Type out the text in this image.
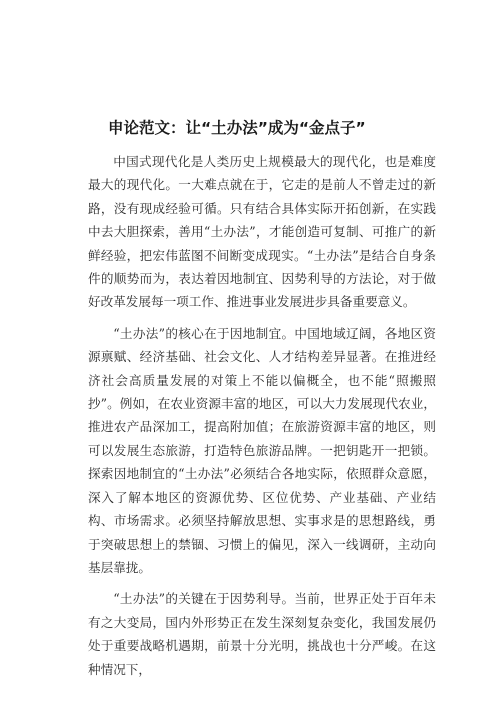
申论范文：让“土办法”成为“金点子”

中国式现代化是人类历史上规模最大的现代化，也是难度最大的现代化。一大难点就在于，它走的是前人不曾走过的新路，没有现成经验可循。只有结合具体实际开拓创新，在实践中去大胆探索，善用“土办法”，才能创造可复制、可推广的新鲜经验，把宏伟蓝图不间断变成现实。“土办法”是结合自身条件的顺势而为，表达着因地制宜、因势利导的方法论，对于做好改革发展每一项工作、推进事业发展进步具备重要意义。

“土办法”的核心在于因地制宜。中国地域辽阔，各地区资源禀赋、经济基础、社会文化、人才结构差异显著。在推进经济社会高质量发展的对策上不能以偏概全，也不能“照搬照抄”。例如，在农业资源丰富的地区，可以大力发展现代农业，推进农产品深加工，提高附加值；在旅游资源丰富的地区，则可以发展生态旅游，打造特色旅游品牌。一把钥匙开一把锁。探索因地制宜的“土办法”必须结合各地实际，依照群众意愿，深入了解本地区的资源优势、区位优势、产业基础、产业结构、市场需求。必须坚持解放思想、实事求是的思想路线，勇于突破思想上的禁锢、习惯上的偏见，深入一线调研，主动向基层靠拢。

“土办法”的关键在于因势利导。当前，世界正处于百年未有之大变局，国内外形势正在发生深刻复杂变化，我国发展仍处于重要战略机遇期，前景十分光明，挑战也十分严峻。在这种情况下，
